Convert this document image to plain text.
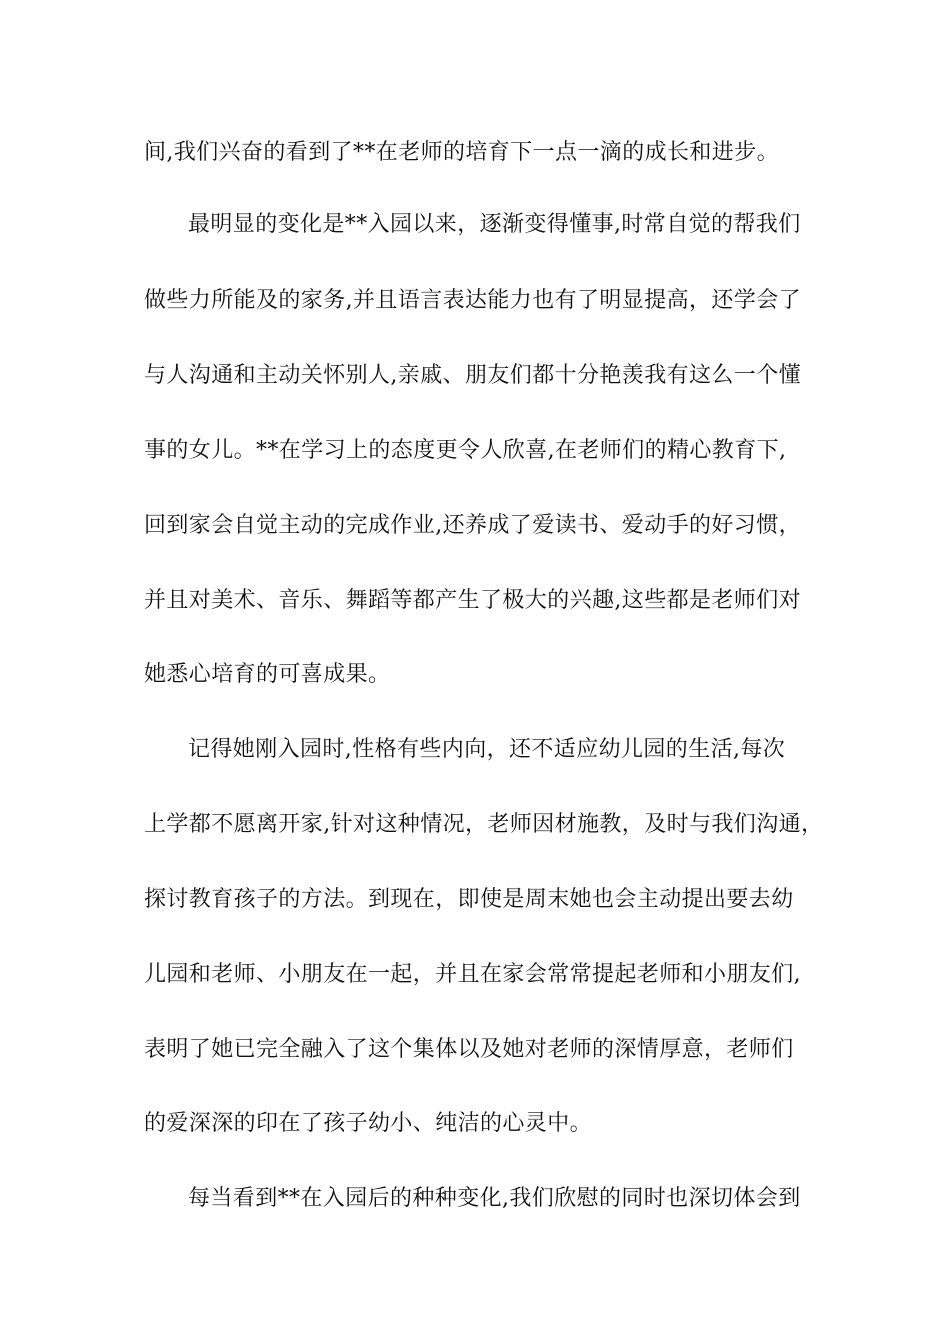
间,我们兴奋的看到了**在老师的培育下一点一滴的成长和进步。
最明显的变化是**入园以来，逐渐变得懂事,时常自觉的帮我们
做些力所能及的家务,并且语言表达能力也有了明显提高，还学会了
与人沟通和主动关怀别人,亲戚、朋友们都十分艳羡我有这么一个懂
事的女儿。**在学习上的态度更令人欣喜,在老师们的精心教育下,
回到家会自觉主动的完成作业,还养成了爱读书、爱动手的好习惯，
并且对美术、音乐、舞蹈等都产生了极大的兴趣,这些都是老师们对
她悉心培育的可喜成果。
记得她刚入园时,性格有些内向，还不适应幼儿园的生活,每次
上学都不愿离开家,针对这种情况，老师因材施教，及时与我们沟通，
探讨教育孩子的方法。到现在，即使是周末她也会主动提出要去幼
儿园和老师、小朋友在一起，并且在家会常常提起老师和小朋友们,
表明了她已完全融入了这个集体以及她对老师的深情厚意，老师们
的爱深深的印在了孩子幼小、纯洁的心灵中。
每当看到**在入园后的种种变化,我们欣慰的同时也深切体会到
